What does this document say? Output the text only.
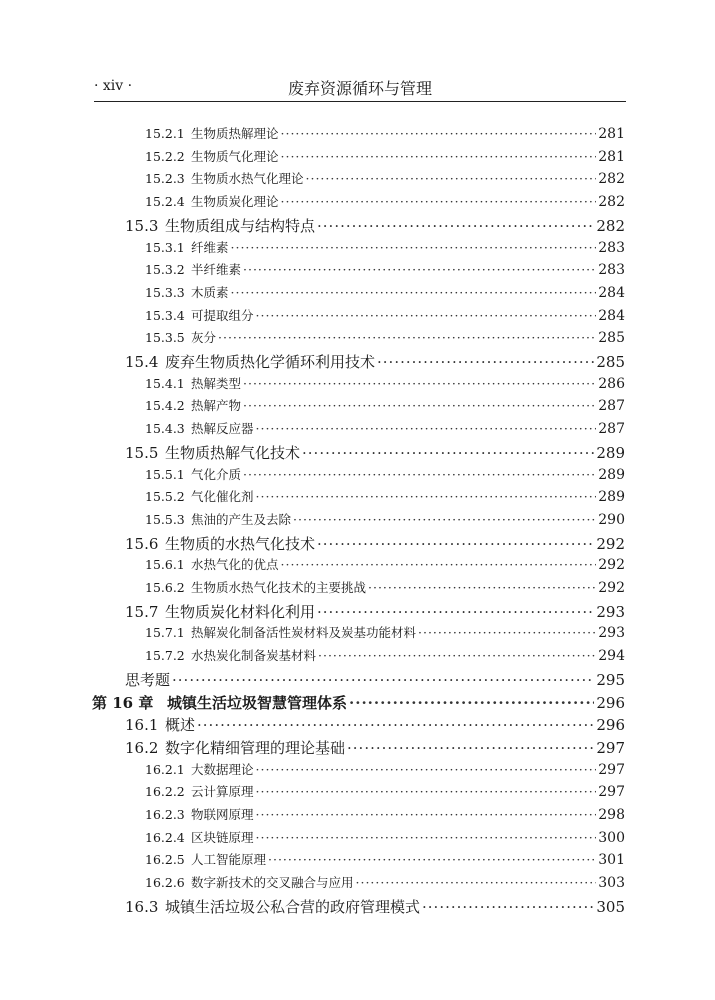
· xiv ·	废弃资源循环与管理
15.2.1 生物质热解理论 ·····	281
15.2.2 生物质气化理论 ·····	281
15.2.3 生物质水热气化理论 ·····	282
15.2.4 生物质炭化理论 ·····	282
15.3 生物质组成与结构特点 ·····	282
15.3.1 纤维素 ·····	283
15.3.2 半纤维素 ·····	283
15.3.3 木质素 ·····	284
15.3.4 可提取组分 ·····	284
15.3.5 灰分 ·····	285
15.4 废弃生物质热化学循环利用技术 ·····	285
15.4.1 热解类型 ·····	286
15.4.2 热解产物 ·····	287
15.4.3 热解反应器 ·····	287
15.5 生物质热解气化技术 ·····	289
15.5.1 气化介质 ·····	289
15.5.2 气化催化剂 ·····	289
15.5.3 焦油的产生及去除 ·····	290
15.6 生物质的水热气化技术 ·····	292
15.6.1 水热气化的优点 ·····	292
15.6.2 生物质水热气化技术的主要挑战 ·····	292
15.7 生物质炭化材料化利用 ·····	293
15.7.1 热解炭化制备活性炭材料及炭基功能材料 ·····	293
15.7.2 水热炭化制备炭基材料 ·····	294
思考题 ·····	295
第 16 章 城镇生活垃圾智慧管理体系 ·····	296
16.1 概述 ·····	296
16.2 数字化精细管理的理论基础 ·····	297
16.2.1 大数据理论 ·····	297
16.2.2 云计算原理 ·····	297
16.2.3 物联网原理 ·····	298
16.2.4 区块链原理 ·····	300
16.2.5 人工智能原理 ·····	301
16.2.6 数字新技术的交叉融合与应用 ·····	303
16.3 城镇生活垃圾公私合营的政府管理模式 ·····	305
